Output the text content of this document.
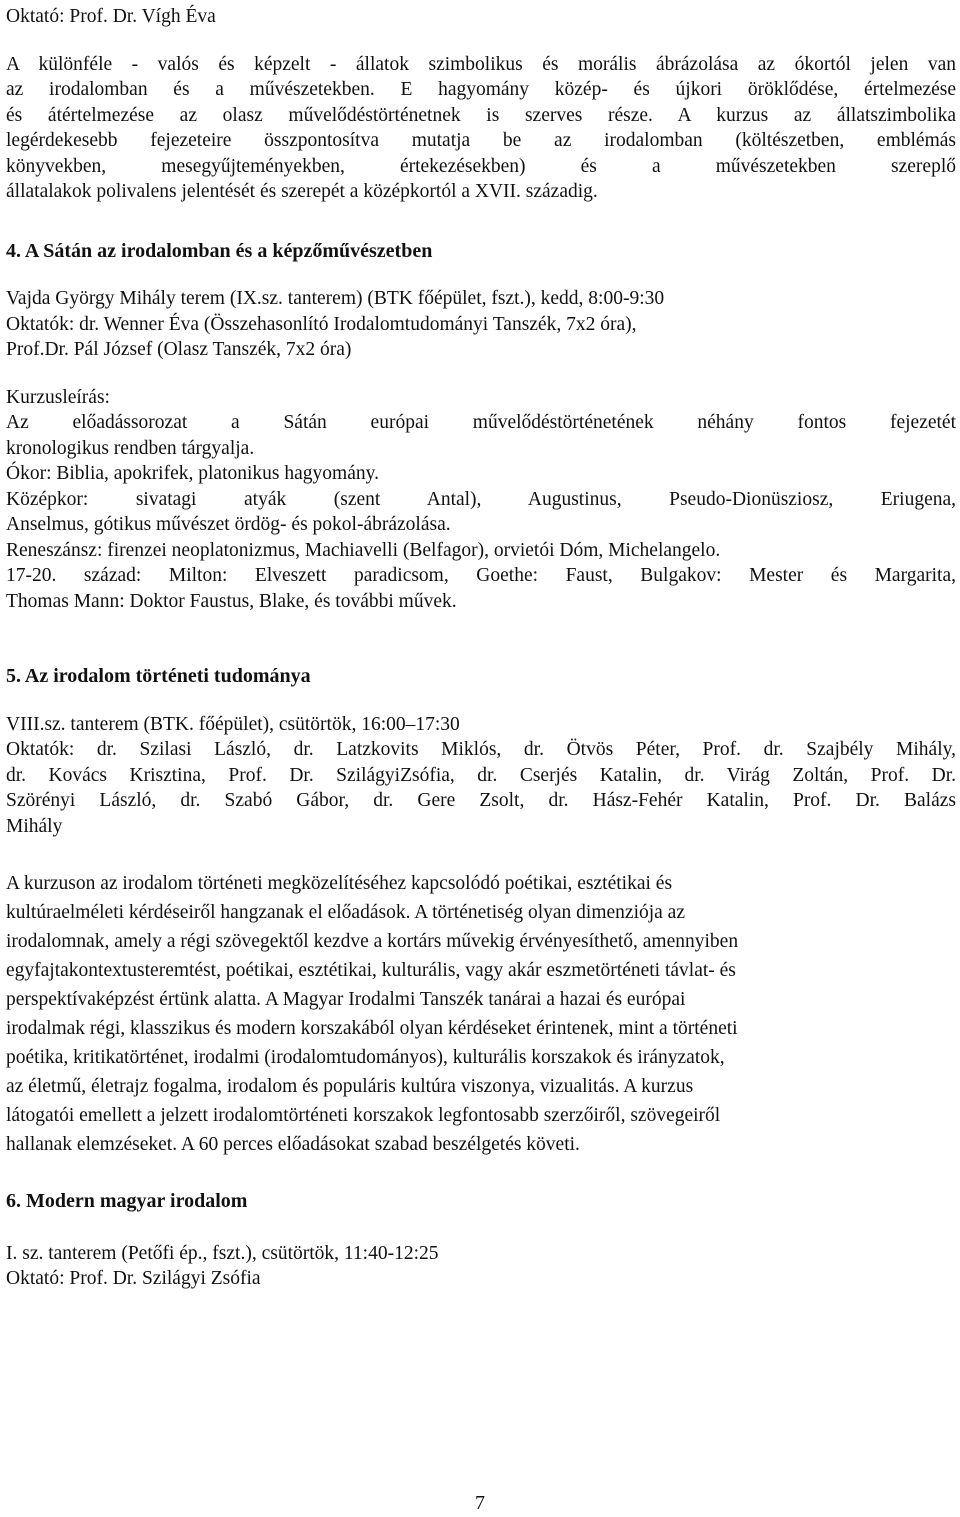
Oktató: Prof. Dr. Vígh Éva
A különféle - valós és képzelt - állatok szimbolikus és morális ábrázolása az ókortól jelen van
az irodalomban és a művészetekben. E hagyomány közép- és újkori öröklődése, értelmezése
és átértelmezése az olasz művelődéstörténetnek is szerves része. A kurzus az állatszimbolika
legérdekesebb fejezeteire összpontosítva mutatja be az irodalomban (költészetben, emblémás
könyvekben, mesegyűjteményekben, értekezésekben) és a művészetekben szereplő
állatalakok polivalens jelentését és szerepét a középkortól a XVII. századig.
4. A Sátán az irodalomban és a képzőművészetben
Vajda György Mihály terem (IX.sz. tanterem) (BTK főépület, fszt.), kedd, 8:00-9:30
Oktatók: dr. Wenner Éva (Összehasonlító Irodalomtudományi Tanszék, 7x2 óra),
Prof.Dr. Pál József (Olasz Tanszék, 7x2 óra)
Kurzusleírás:
Az előadássorozat a Sátán európai művelődéstörténetének néhány fontos fejezetét
kronologikus rendben tárgyalja.
Ókor: Biblia, apokrifek, platonikus hagyomány.
Középkor: sivatagi atyák (szent Antal), Augustinus, Pseudo-Dionüsziosz, Eriugena,
Anselmus, gótikus művészet ördög- és pokol-ábrázolása.
Reneszánsz: firenzei neoplatonizmus, Machiavelli (Belfagor), orvietói Dóm, Michelangelo.
17-20. század: Milton: Elveszett paradicsom, Goethe: Faust, Bulgakov: Mester és Margarita,
Thomas Mann: Doktor Faustus, Blake, és további művek.
5. Az irodalom történeti tudománya
VIII.sz. tanterem (BTK. főépület), csütörtök, 16:00–17:30
Oktatók: dr. Szilasi László, dr. Latzkovits Miklós, dr. Ötvös Péter, Prof. dr. Szajbély Mihály,
dr. Kovács Krisztina, Prof. Dr. SzilágyiZsófia, dr. Cserjés Katalin, dr. Virág Zoltán, Prof. Dr.
Szörényi László, dr. Szabó Gábor, dr. Gere Zsolt, dr. Hász-Fehér Katalin, Prof. Dr. Balázs
Mihály
A kurzuson az irodalom történeti megközelítéséhez kapcsolódó poétikai, esztétikai és
kultúraelméleti kérdéseiről hangzanak el előadások. A történetiség olyan dimenziója az
irodalomnak, amely a régi szövegektől kezdve a kortárs művekig érvényesíthető, amennyiben
egyfajtakontextusteremtést, poétikai, esztétikai, kulturális, vagy akár eszmetörténeti távlat- és
perspektívaképzést értünk alatta. A Magyar Irodalmi Tanszék tanárai a hazai és európai
irodalmak régi, klasszikus és modern korszakából olyan kérdéseket érintenek, mint a történeti
poétika, kritikatörténet, irodalmi (irodalomtudományos), kulturális korszakok és irányzatok,
az életmű, életrajz fogalma, irodalom és populáris kultúra viszonya, vizualitás. A kurzus
látogatói emellett a jelzett irodalomtörténeti korszakok legfontosabb szerzőiről, szövegeiről
hallanak elemzéseket. A 60 perces előadásokat szabad beszélgetés követi.
6. Modern magyar irodalom
I. sz. tanterem (Petőfi ép., fszt.), csütörtök, 11:40-12:25
Oktató: Prof. Dr. Szilágyi Zsófia
7
